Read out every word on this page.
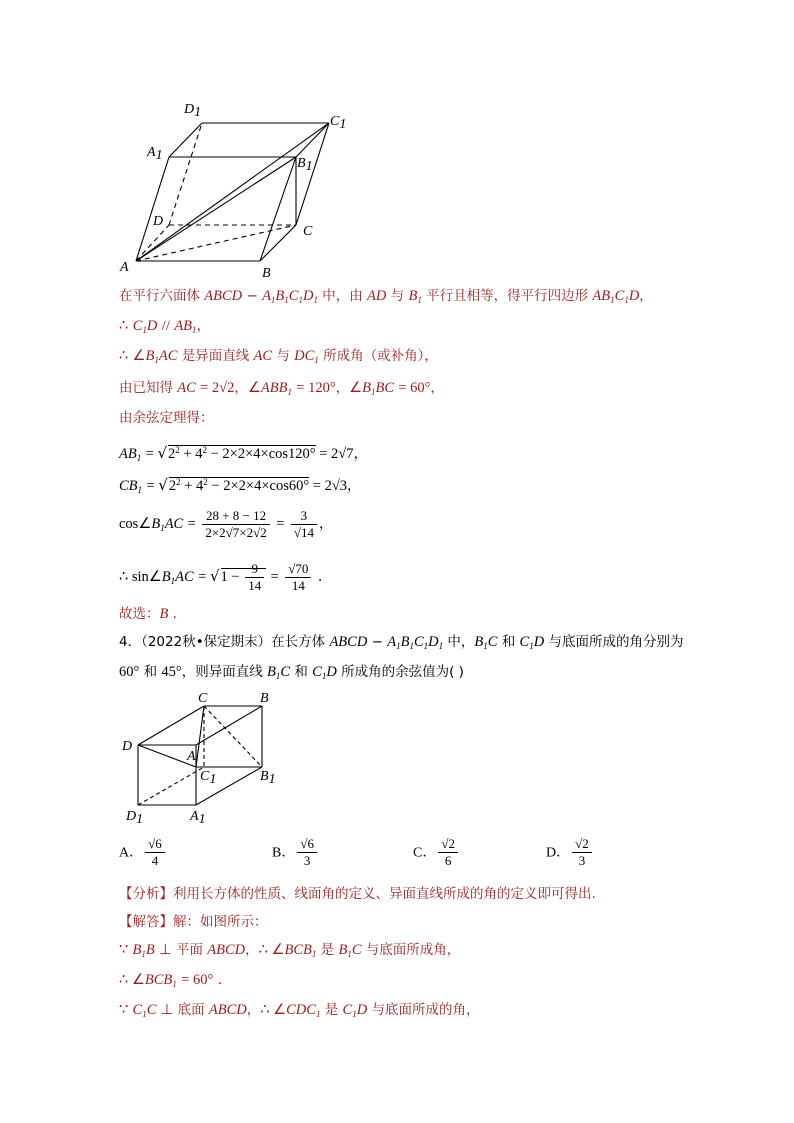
A	B
C
D
A1
B1
C1
D1
在平行六面体 ABCD − $A_1B_1C_1D_1$ 中，由 AD 与 $B_1$ 平行且相等，得平行四边形 $AB_1C_1D$，
∴ $C_1D // AB_1$，
∴ $\angle B_1AC$ 是异面直线 AC 与 $DC_1$ 所成角（或补角），
由已知得 AC = 2√2，$\angle ABB_1 = 120^\circ$，$\angle B_1BC = 60^\circ$，
由余弦定理得：
$AB_1 = √2^2 + 4^2 - 2\times 2\times 4\times\cos 120^\circ = 2√7$，
$CB_1 = √2^2 + 4^2 - 2\times 2\times 4\times\cos 60^\circ = 2√3$，
$\cos\angle B_1AC = \frac{28 + 8 - 12}{2\times 2√7\times 2√2} = \frac{3}{√14}$ ，
∴ $\sin\angle B_1AC = √1 - \frac{9}{14} = \frac{√70}{14}$ .
故选：B .
4．（2022秋•保定期末）在长方体 ABCD − $A_1B_1C_1D_1$ 中，$B_1C$ 和 $C_1D$ 与底面所成的角分别为
60° 和 45°，则异面直线 $B_1C$ 和 $C_1D$ 所成角的余弦值为( )
C	B
D
A
C1	B1
D1	A1
A． $\frac{√6}{4}$	B． $\frac{√6}{3}$	C． $\frac{√2}{6}$	D． $\frac{√2}{3}$
【分析】利用长方体的性质、线面角的定义、异面直线所成的角的定义即可得出.
【解答】解：如图所示：
∵ $B_1B$ ⊥ 平面 ABCD，∴ $\angle BCB_1$ 是 $B_1C$ 与底面所成角，
∴ $\angle BCB_1 = 60^\circ$ .
∵ $C_1C$ ⊥ 底面 ABCD，∴ $\angle CDC_1$ 是 $C_1D$ 与底面所成的角，
